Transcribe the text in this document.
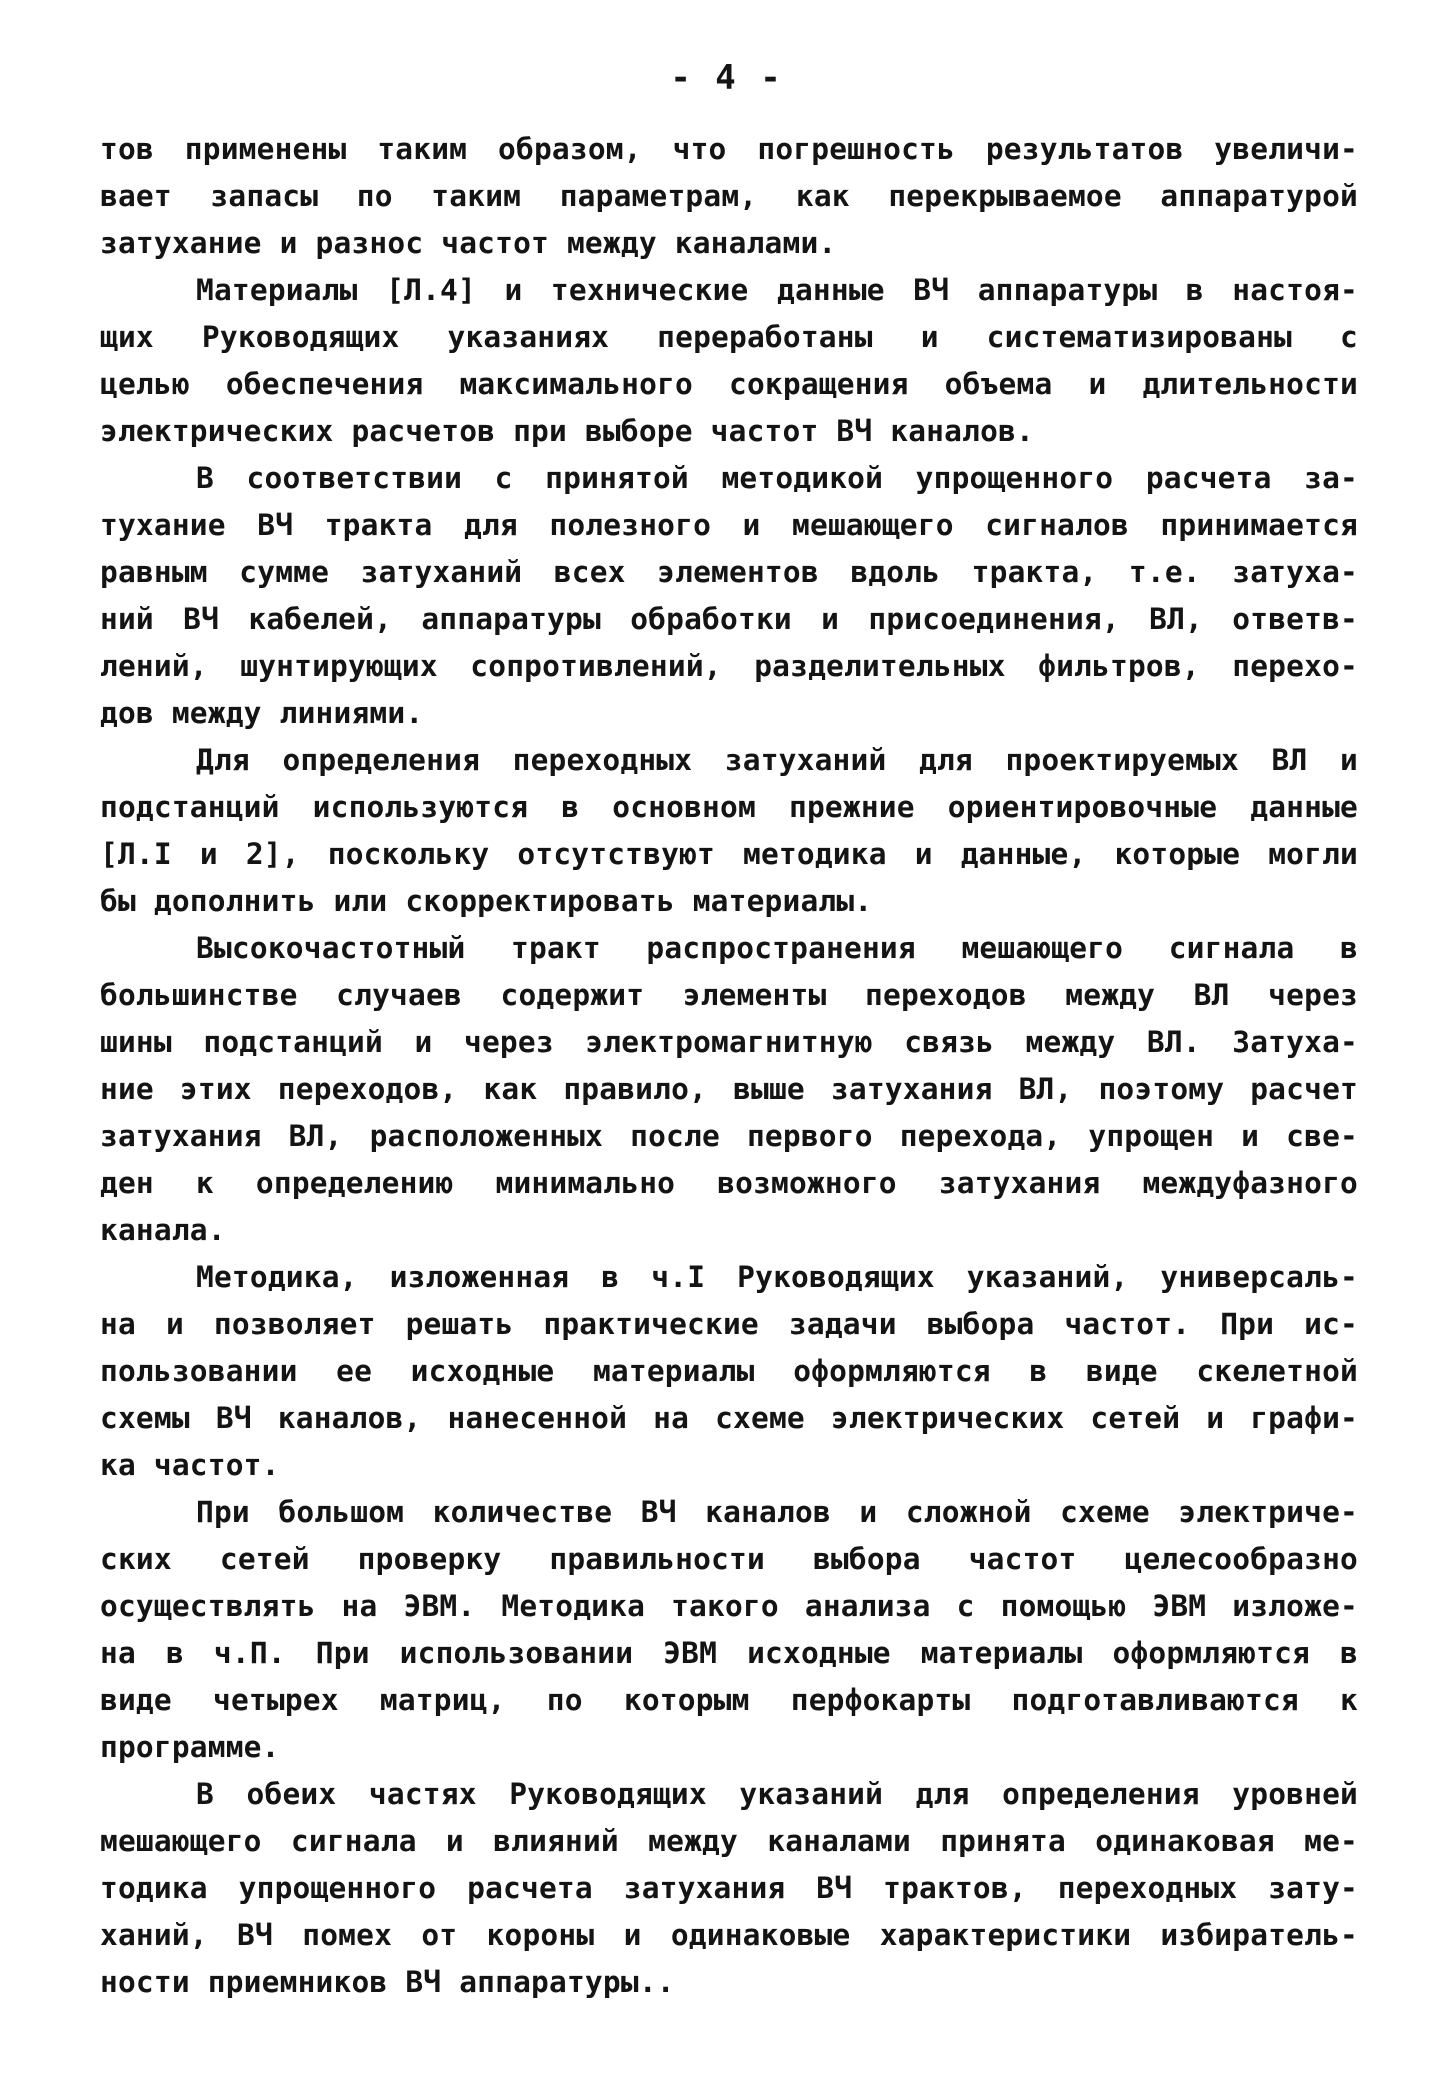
- 4 -
тов применены таким образом, что погрешность результатов увеличи-
вает запасы по таким параметрам, как перекрываемое аппаратурой
затухание и разнос частот между каналами.
Материалы [Л.4] и технические данные ВЧ аппаратуры в настоя-
щих Руководящих указаниях переработаны и систематизированы с
целью обеспечения максимального сокращения объема и длительности
электрических расчетов при выборе частот ВЧ каналов.
В соответствии с принятой методикой упрощенного расчета за-
тухание ВЧ тракта для полезного и мешающего сигналов принимается
равным сумме затуханий всех элементов вдоль тракта, т.е. затуха-
ний ВЧ кабелей, аппаратуры обработки и присоединения, ВЛ, ответв-
лений, шунтирующих сопротивлений, разделительных фильтров, перехо-
дов между линиями.
Для определения переходных затуханий для проектируемых ВЛ и
подстанций используются в основном прежние ориентировочные данные
[Л.I и 2], поскольку отсутствуют методика и данные, которые могли
бы дополнить или скорректировать материалы.
Высокочастотный тракт распространения мешающего сигнала в
большинстве случаев содержит элементы переходов между ВЛ через
шины подстанций и через электромагнитную связь между ВЛ. Затуха-
ние этих переходов, как правило, выше затухания ВЛ, поэтому расчет
затухания ВЛ, расположенных после первого перехода, упрощен и све-
ден к определению минимально возможного затухания междуфазного
канала.
Методика, изложенная в ч.I Руководящих указаний, универсаль-
на и позволяет решать практические задачи выбора частот. При ис-
пользовании ее исходные материалы оформляются в виде скелетной
схемы ВЧ каналов, нанесенной на схеме электрических сетей и графи-
ка частот.
При большом количестве ВЧ каналов и сложной схеме электриче-
ских сетей проверку правильности выбора частот целесообразно
осуществлять на ЭВМ. Методика такого анализа с помощью ЭВМ изложе-
на в ч.П. При использовании ЭВМ исходные материалы оформляются в
виде четырех матриц, по которым перфокарты подготавливаются к
программе.
В обеих частях Руководящих указаний для определения уровней
мешающего сигнала и влияний между каналами принята одинаковая ме-
тодика упрощенного расчета затухания ВЧ трактов, переходных зату-
ханий, ВЧ помех от короны и одинаковые характеристики избиратель-
ности приемников ВЧ аппаратуры..
